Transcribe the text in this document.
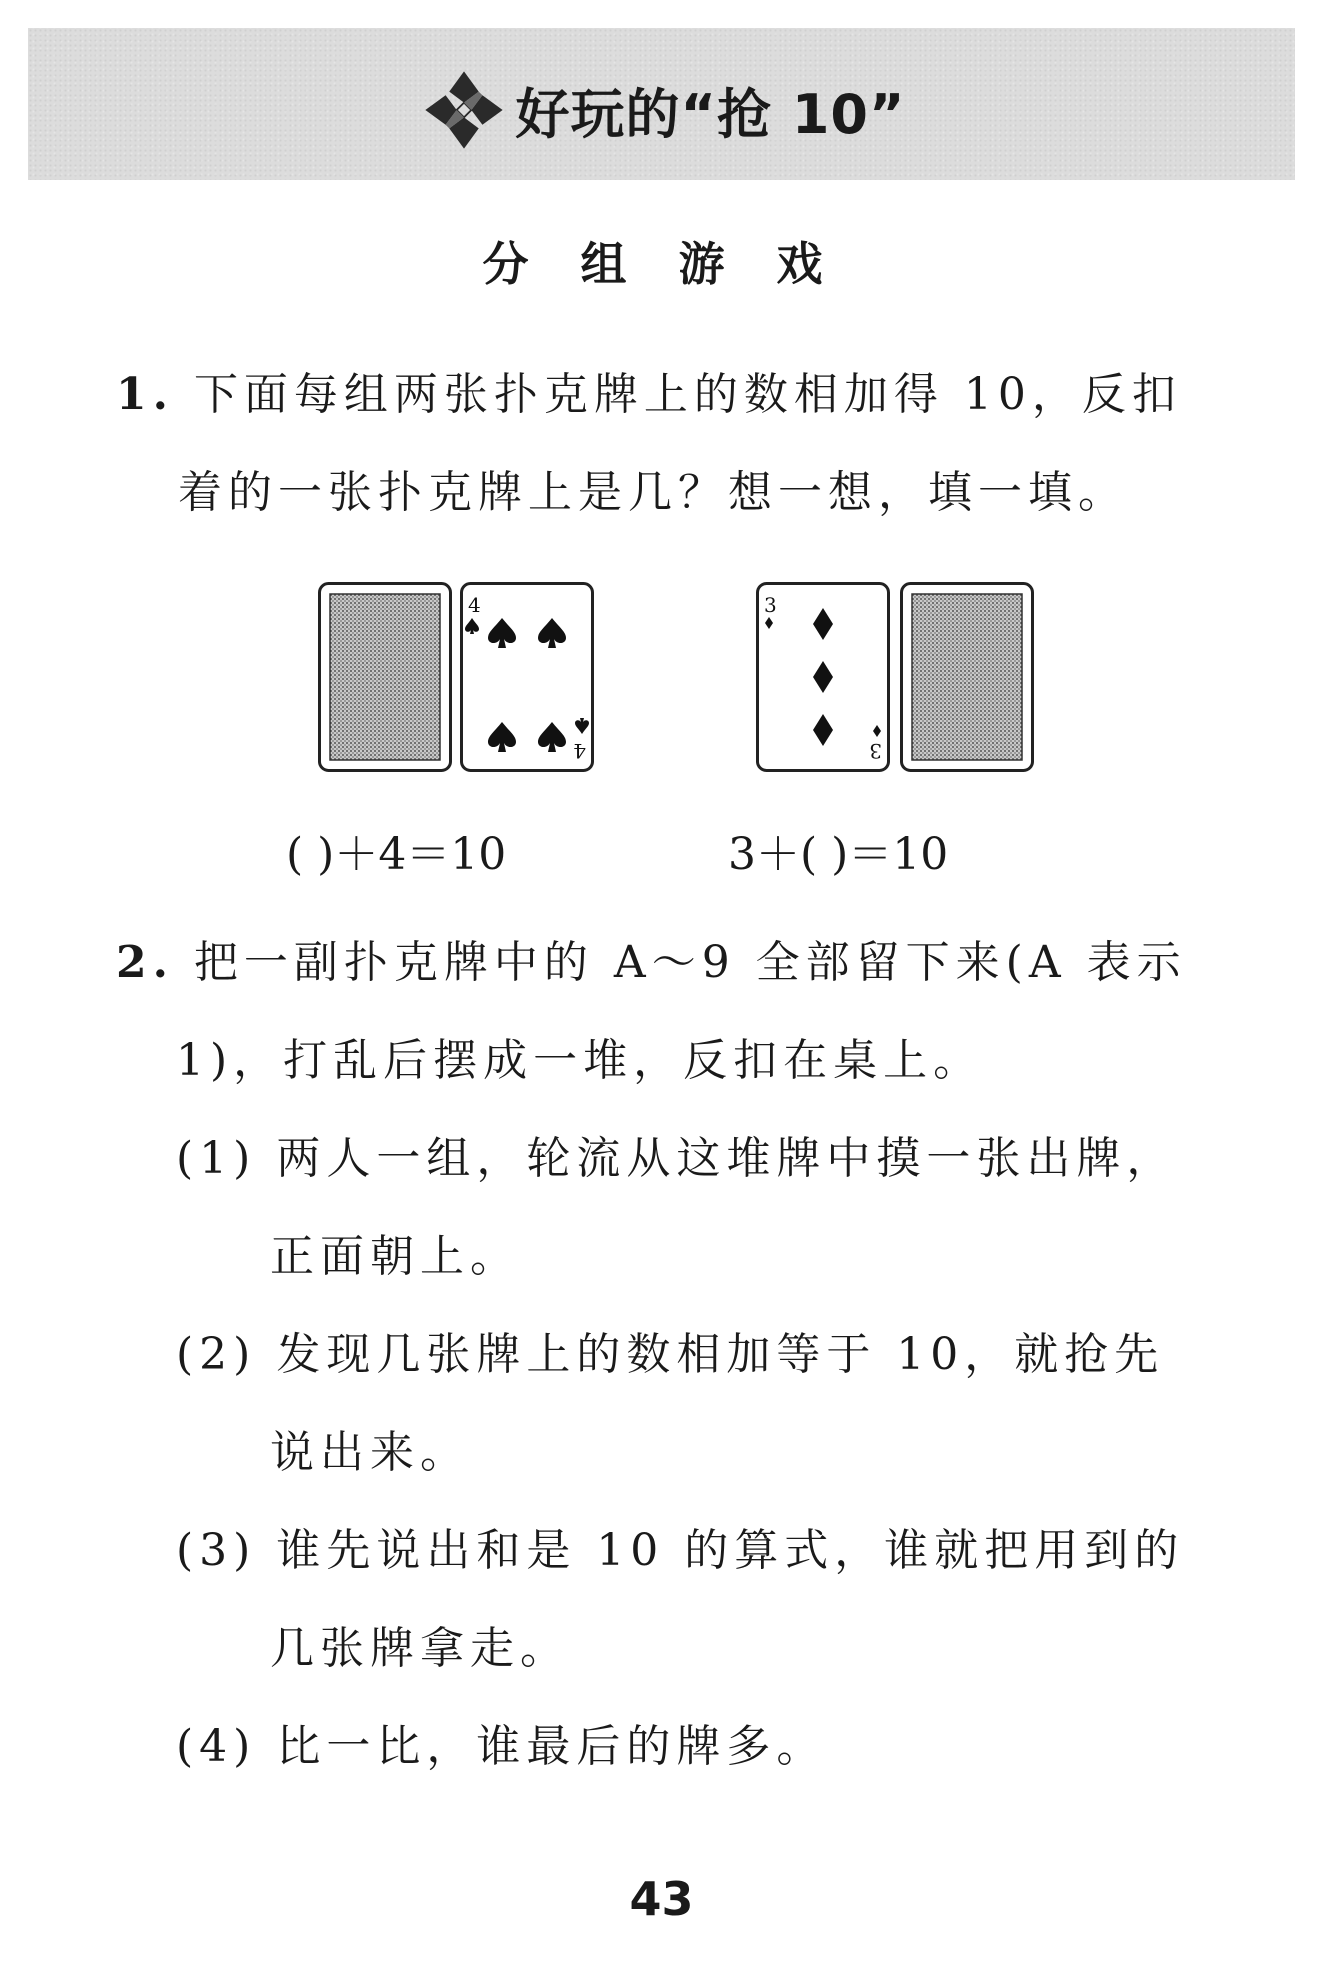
好玩的“抢 10”
分 组 游 戏
1. 下面每组两张扑克牌上的数相加得 10，反扣
着的一张扑克牌上是几？想一想，填一填。
4
4
3
3
( )＋4＝10	3＋( )＝10
2. 把一副扑克牌中的 A～9 全部留下来(A 表示
1)，打乱后摆成一堆，反扣在桌上。
(1) 两人一组，轮流从这堆牌中摸一张出牌，
正面朝上。
(2) 发现几张牌上的数相加等于 10，就抢先
说出来。
(3) 谁先说出和是 10 的算式，谁就把用到的
几张牌拿走。
(4) 比一比，谁最后的牌多。
43
